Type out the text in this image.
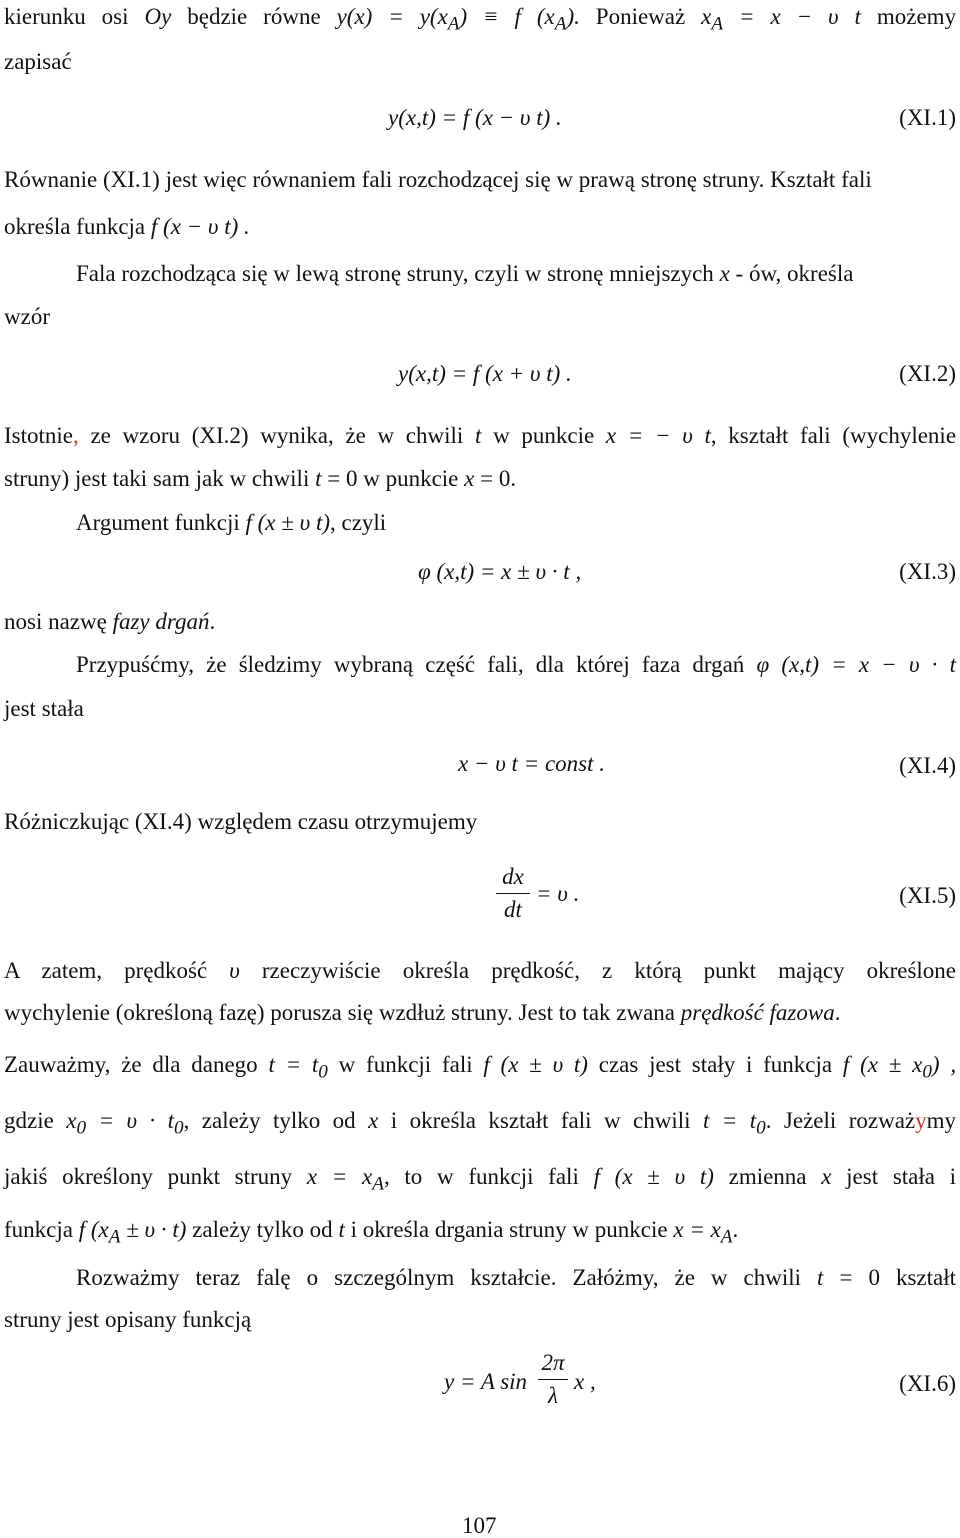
kierunku osi Oy będzie równe $y(x) = y(x_A) \equiv f$ $(x_A)$. Ponieważ $x_A = x - \upsilon$ t możemy
zapisać
y(x,t) = f (x − υ t) .	(XI.1)
Równanie (XI.1) jest więc równaniem fali rozchodzącej się w prawą stronę struny. Kształt fali
określa funkcja f (x − υ t) .
Fala rozchodząca się w lewą stronę struny, czyli w stronę mniejszych x - ów, określa
wzór
y(x,t) = f (x + υ t) .	(XI.2)
Istotnie, ze wzoru (XI.2) wynika, że w chwili t w punkcie x = − υ t, kształt fali (wychylenie
struny) jest taki sam jak w chwili t = 0 w punkcie x = 0.
Argument funkcji f (x ± υ t), czyli
φ (x,t) = x ± υ · t ,	(XI.3)
nosi nazwę fazy drgań.
Przypuśćmy, że śledzimy wybraną część fali, dla której faza drgań φ (x,t) = x − υ · t
jest stała
x − υ t = const .	(XI.4)
Różniczkując (XI.4) względem czasu otrzymujemy
dx
dt
= υ .	(XI.5)
A zatem, prędkość υ rzeczywiście określa prędkość, z którą punkt mający określone
wychylenie (określoną fazę) porusza się wzdłuż struny. Jest to tak zwana prędkość fazowa.
Zauważmy, że dla danego $t = t_0$ w funkcji fali f (x ± υ t) czas jest stały i funkcja f $(x \pm x_0)$ ,
gdzie $x_0 = \upsilon \cdot t_0$, zależy tylko od x i określa kształt fali w chwili $t = t_0$. Jeżeli rozważymy
jakiś określony punkt struny $x = x_A$, to w funkcji fali f (x ± υ t) zmienna x jest stała i
funkcja f $(x_A \pm \upsilon \cdot t)$ zależy tylko od t i określa drgania struny w punkcie $x = x_A$.
Rozważmy teraz falę o szczególnym kształcie. Załóżmy, że w chwili t = 0 kształt
struny jest opisany funkcją
y = A sin
2π
λ
x ,	(XI.6)
107
